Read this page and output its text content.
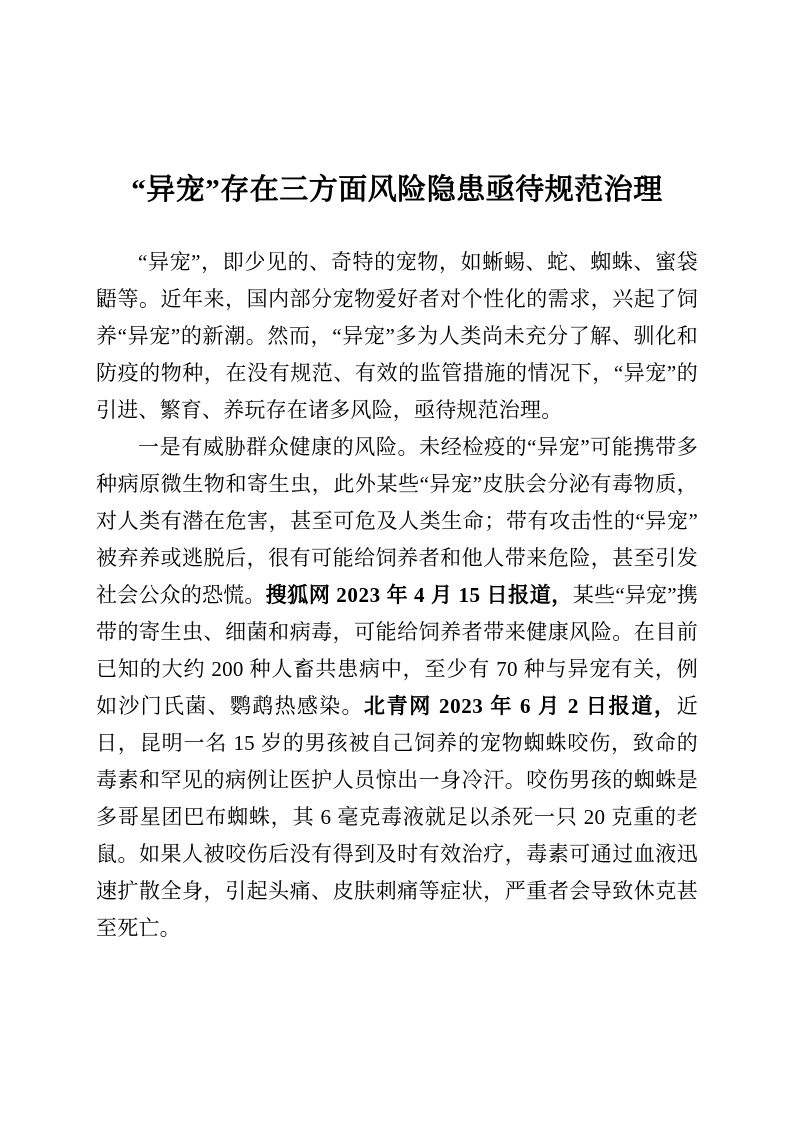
“异宠”存在三方面风险隐患亟待规范治理

“异宠”，即少见的、奇特的宠物，如蜥蜴、蛇、蜘蛛、蜜袋鼯等。近年来，国内部分宠物爱好者对个性化的需求，兴起了饲养“异宠”的新潮。然而，“异宠”多为人类尚未充分了解、驯化和防疫的物种，在没有规范、有效的监管措施的情况下，“异宠”的引进、繁育、养玩存在诸多风险，亟待规范治理。

一是有威胁群众健康的风险。未经检疫的“异宠”可能携带多种病原微生物和寄生虫，此外某些“异宠”皮肤会分泌有毒物质，对人类有潜在危害，甚至可危及人类生命；带有攻击性的“异宠”被弃养或逃脱后，很有可能给饲养者和他人带来危险，甚至引发社会公众的恐慌。搜狐网 2023 年 4 月 15 日报道，某些“异宠”携带的寄生虫、细菌和病毒，可能给饲养者带来健康风险。在目前已知的大约 200 种人畜共患病中，至少有 70 种与异宠有关，例如沙门氏菌、鹦鹉热感染。北青网 2023 年 6 月 2 日报道，近日，昆明一名 15 岁的男孩被自己饲养的宠物蜘蛛咬伤，致命的毒素和罕见的病例让医护人员惊出一身冷汗。咬伤男孩的蜘蛛是多哥星团巴布蜘蛛，其 6 毫克毒液就足以杀死一只 20 克重的老鼠。如果人被咬伤后没有得到及时有效治疗，毒素可通过血液迅速扩散全身，引起头痛、皮肤刺痛等症状，严重者会导致休克甚至死亡。
